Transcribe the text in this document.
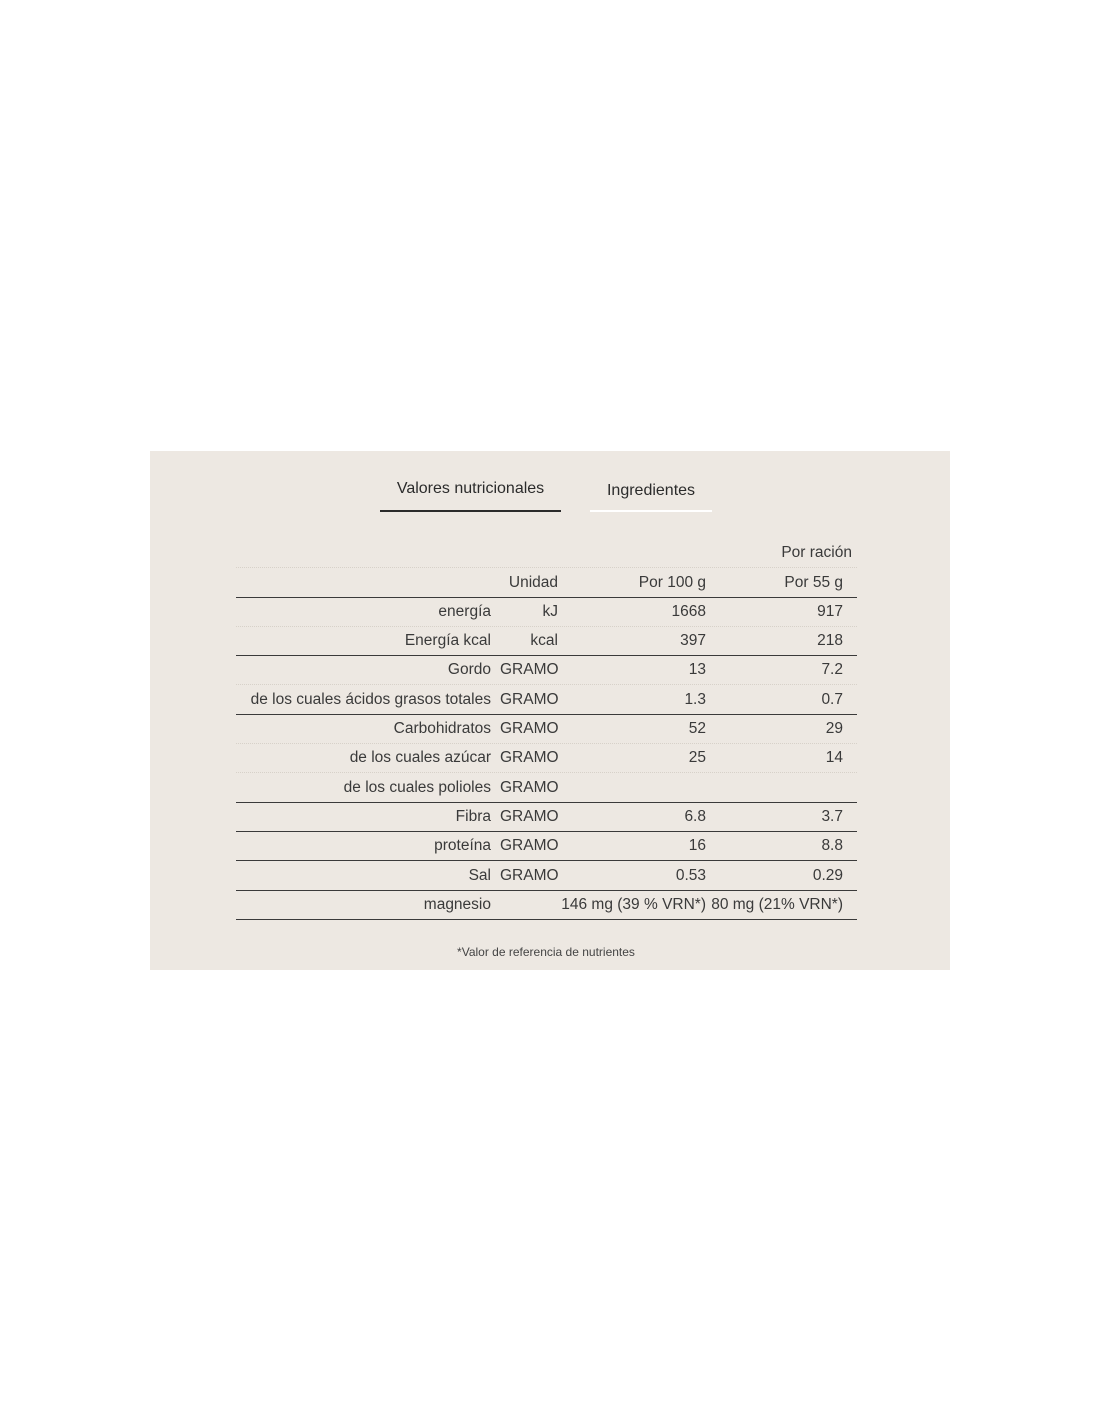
Valores nutricionales	Ingredientes
Por ración
Unidad	Por 100 g	Por 55 g
energía	kJ	1668	917
Energía kcal	kcal	397	218
Gordo GRAMO	13	7.2
de los cuales ácidos grasos totales GRAMO	1.3	0.7
Carbohidratos GRAMO	52	29
de los cuales azúcar GRAMO	25	14
de los cuales polioles GRAMO
Fibra GRAMO	6.8	3.7
proteína GRAMO	16	8.8
Sal GRAMO	0.53	0.29
magnesio	146 mg (39 % VRN*) 80 mg (21% VRN*)
*Valor de referencia de nutrientes
